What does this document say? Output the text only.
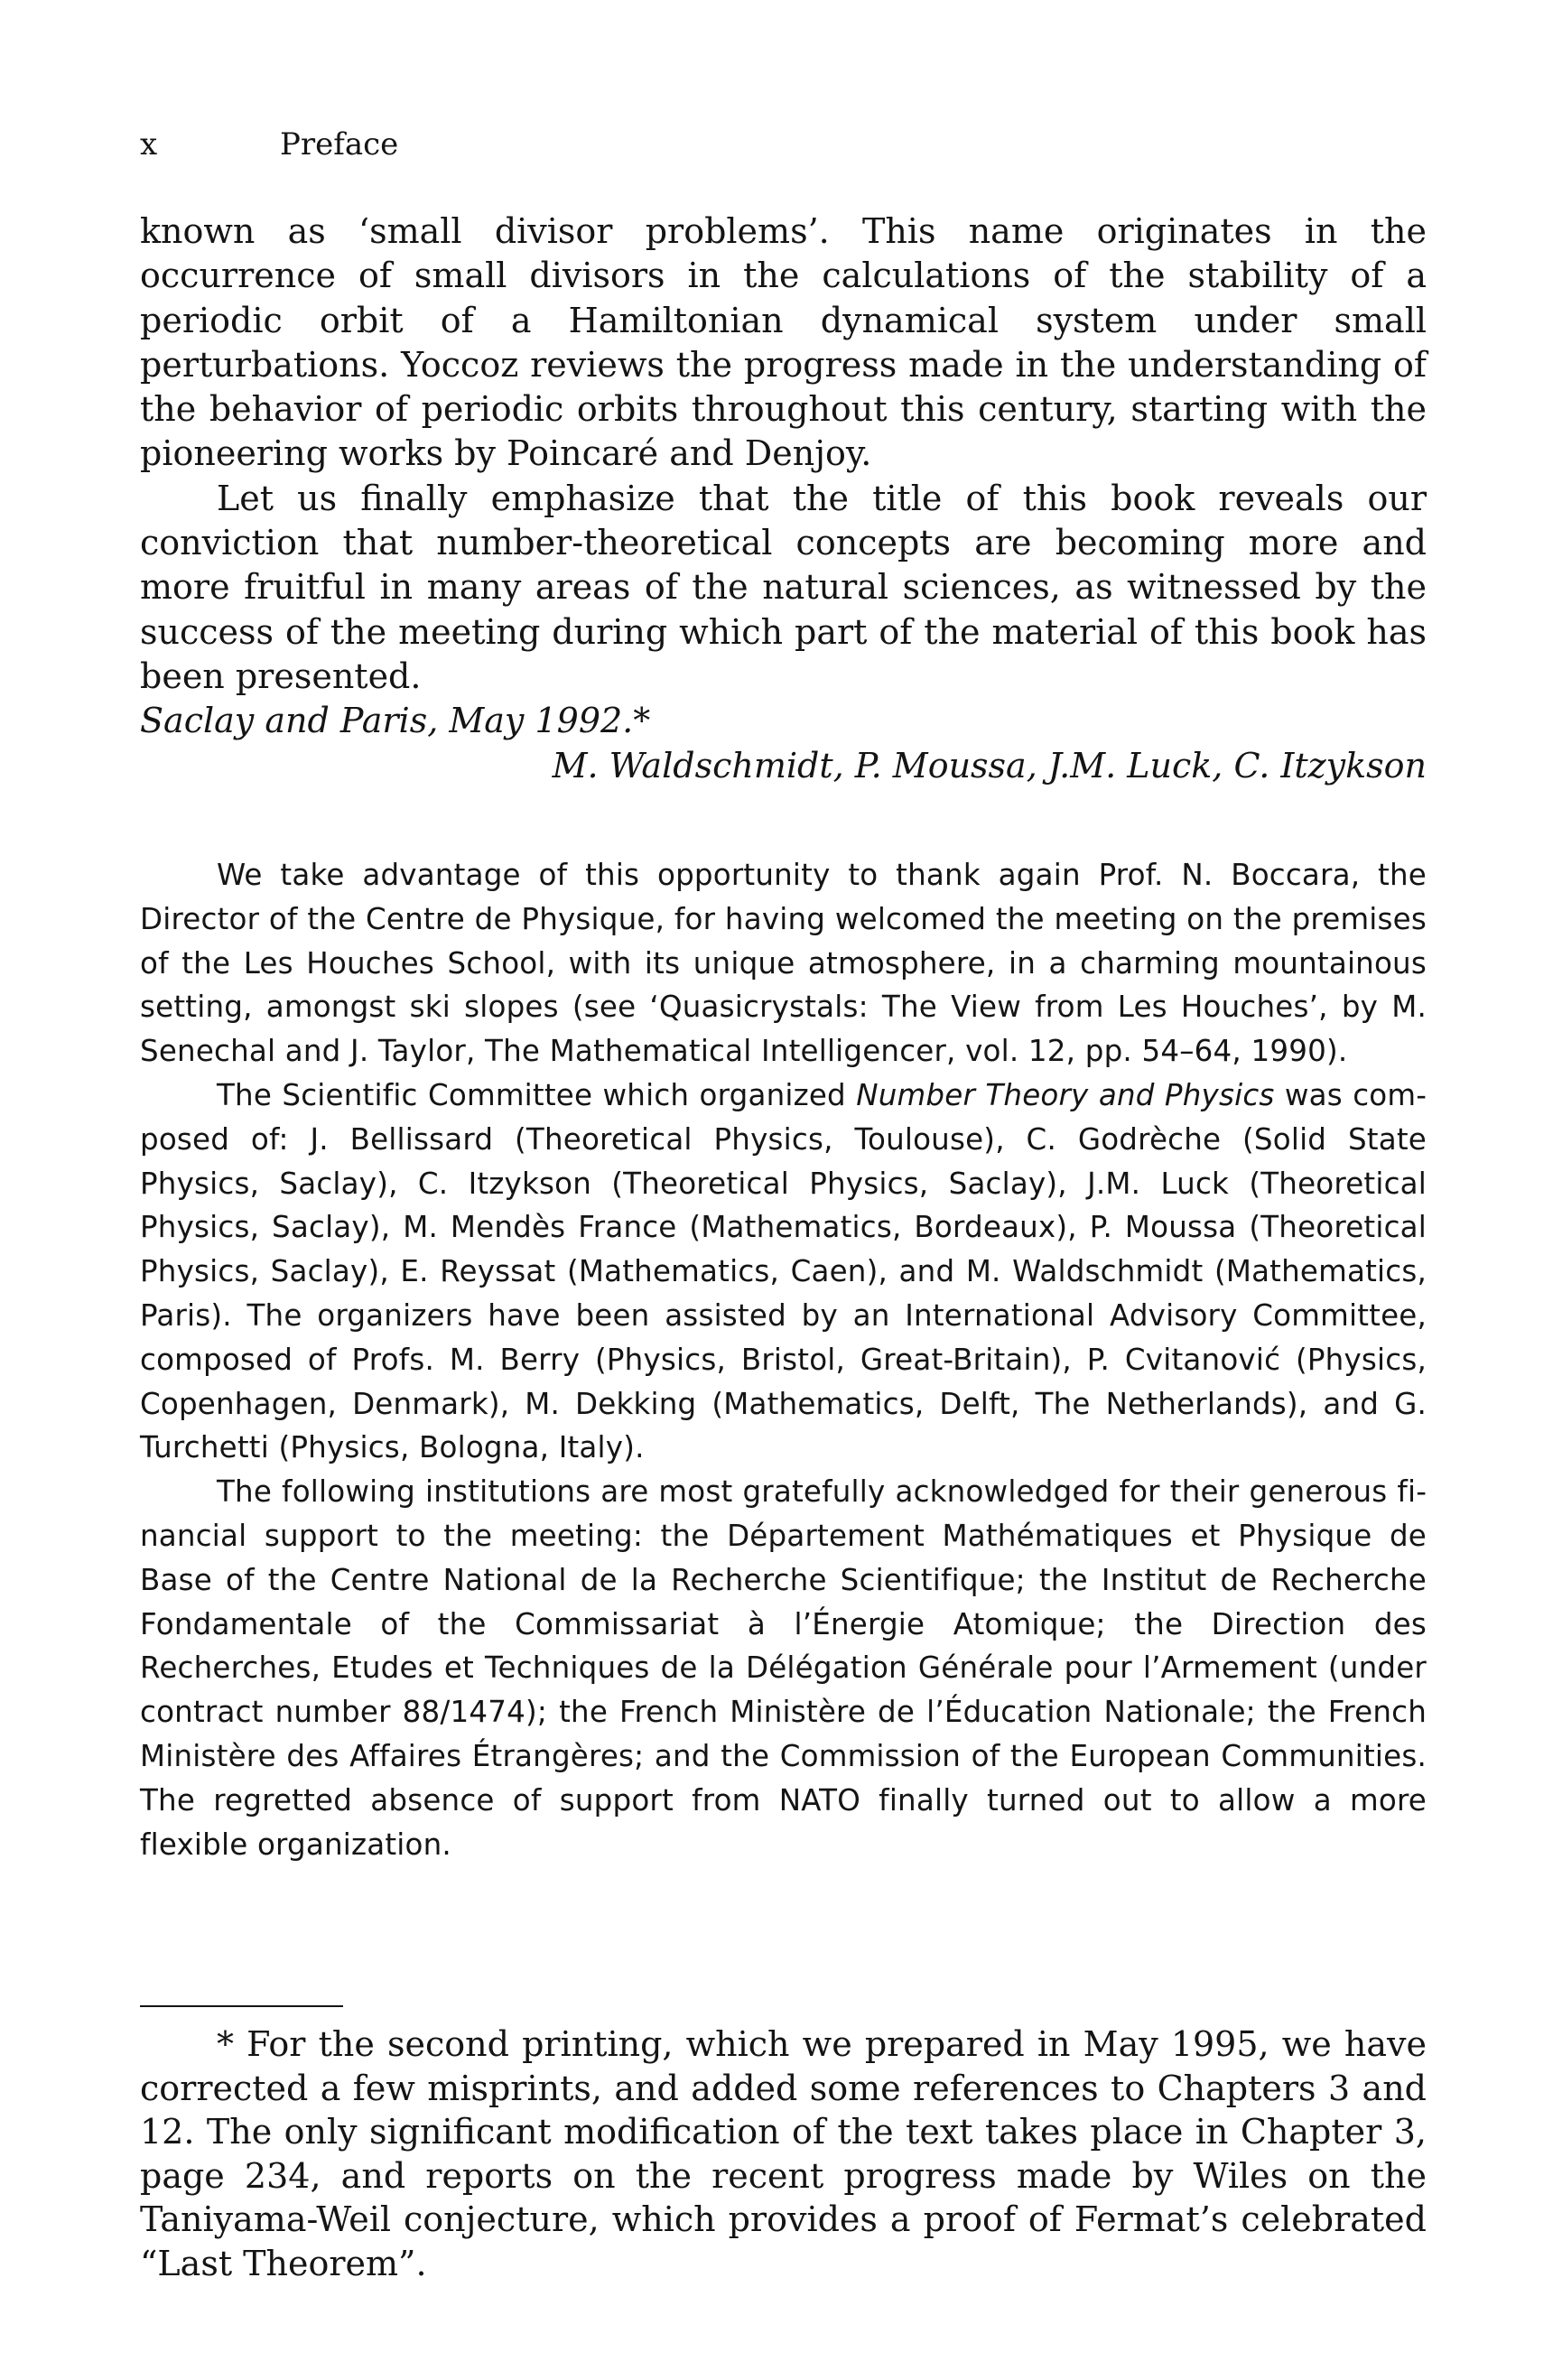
x	Preface

known as ‘small divisor problems’. This name originates in the occurrence of small divisors in the calculations of the stability of a periodic orbit of a Hamiltonian dynamical system under small perturbations. Yoccoz reviews the progress made in the understanding of the behavior of periodic orbits throughout this century, starting with the pioneering works by Poincaré and Denjoy.

Let us finally emphasize that the title of this book reveals our conviction that number-theoretical concepts are becoming more and more fruitful in many areas of the natural sciences, as witnessed by the success of the meeting during which part of the material of this book has been presented.

Saclay and Paris, May 1992.*

M. Waldschmidt, P. Moussa, J.M. Luck, C. Itzykson

We take advantage of this opportunity to thank again Prof. N. Boccara, the Director of the Centre de Physique, for having welcomed the meeting on the premises of the Les Houches School, with its unique atmosphere, in a charming mountainous setting, amongst ski slopes (see ‘Quasicrystals: The View from Les Houches’, by M. Senechal and J. Taylor, The Mathematical Intelligencer, vol. 12, pp. 54–64, 1990).

The Scientific Committee which organized Number Theory and Physics was composed of: J. Bellissard (Theoretical Physics, Toulouse), C. Godrèche (Solid State Physics, Saclay), C. Itzykson (Theoretical Physics, Saclay), J.M. Luck (Theoretical Physics, Saclay), M. Mendès France (Mathematics, Bordeaux), P. Moussa (Theoretical Physics, Saclay), E. Reyssat (Mathematics, Caen), and M. Waldschmidt (Mathematics, Paris). The organizers have been assisted by an International Advisory Committee, composed of Profs. M. Berry (Physics, Bristol, Great-Britain), P. Cvitanović (Physics, Copenhagen, Denmark), M. Dekking (Mathematics, Delft, The Netherlands), and G. Turchetti (Physics, Bologna, Italy).

The following institutions are most gratefully acknowledged for their generous financial support to the meeting: the Département Mathématiques et Physique de Base of the Centre National de la Recherche Scientifique; the Institut de Recherche Fondamentale of the Commissariat à l’Énergie Atomique; the Direction des Recherches, Etudes et Techniques de la Délégation Générale pour l’Armement (under contract number 88/1474); the French Ministère de l’Éducation Nationale; the French Ministère des Affaires Étrangères; and the Commission of the European Communities. The regretted absence of support from NATO finally turned out to allow a more flexible organization.

* For the second printing, which we prepared in May 1995, we have corrected a few misprints, and added some references to Chapters 3 and 12. The only significant modification of the text takes place in Chapter 3, page 234, and reports on the recent progress made by Wiles on the Taniyama-Weil conjecture, which provides a proof of Fermat’s celebrated “Last Theorem”.
